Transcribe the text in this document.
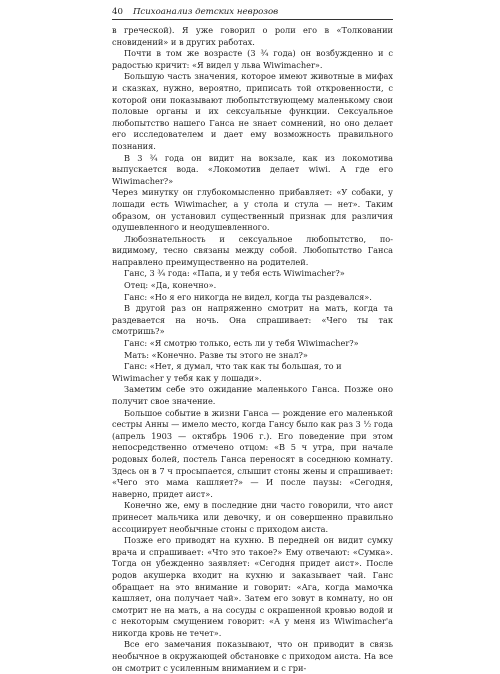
40 Психоанализ детских неврозов

в греческой). Я уже говорил о роли его в «Толковании сновидений» и в других работах.

Почти в том же возрасте (3 ¾ года) он возбужденно и с радостью кричит: «Я видел у льва Wiwimacher».

Большую часть значения, которое имеют животные в мифах и сказках, нужно, вероятно, приписать той откровенности, с которой они показывают любопытствующему маленькому свои половые органы и их сексуальные функции. Сексуальное любопытство нашего Ганса не знает сомнений, но оно делает его исследователем и дает ему возможность правильного познания.

В 3 ¾ года он видит на вокзале, как из локомотива выпускается вода. «Локомотив делает wiwi. А где его Wiwimacher?»

Через минутку он глубокомысленно прибавляет: «У собаки, у лошади есть Wiwimacher, а у стола и стула — нет». Таким образом, он установил существенный признак для различия одушевленного и неодушевленного.

Любознательность и сексуальное любопытство, по-видимому, тесно связаны между собой. Любопытство Ганса направлено преимущественно на родителей.

Ганс, 3 ¾ года: «Папа, и у тебя есть Wiwimacher?»

Отец: «Да, конечно».

Ганс: «Но я его никогда не видел, когда ты раздевался».

В другой раз он напряженно смотрит на мать, когда та раздевается на ночь. Она спрашивает: «Чего ты так смотришь?»

Ганс: «Я смотрю только, есть ли у тебя Wiwimacher?»

Мать: «Конечно. Разве ты этого не знал?»

Ганс: «Нет, я думал, что так как ты большая, то и Wiwimacher у тебя как у лошади».

Заметим себе это ожидание маленького Ганса. Позже оно получит свое значение.

Большое событие в жизни Ганса — рождение его маленькой сестры Анны — имело место, когда Гансу было как раз 3 ½ года (апрель 1903 — октябрь 1906 г.). Его поведение при этом непосредственно отмечено отцом: «В 5 ч утра, при начале родовых болей, постель Ганса переносят в соседнюю комнату. Здесь он в 7 ч просыпается, слышит стоны жены и спрашивает: «Чего это мама кашляет?» — И после паузы: «Сегодня, наверно, придет аист».

Конечно же, ему в последние дни часто говорили, что аист принесет мальчика или девочку, и он совершенно правильно ассоциирует необычные стоны с приходом аиста.

Позже его приводят на кухню. В передней он видит сумку врача и спрашивает: «Что это такое?» Ему отвечают: «Сумка». Тогда он убежденно заявляет: «Сегодня придет аист». После родов акушерка входит на кухню и заказывает чай. Ганс обращает на это внимание и говорит: «Ага, когда мамочка кашляет, она получает чай». Затем его зовут в комнату, но он смотрит не на мать, а на сосуды с окрашенной кровью водой и с некоторым смущением говорит: «А у меня из Wiwimacher'а никогда кровь не течет».

Все его замечания показывают, что он приводит в связь необычное в окружающей обстановке с приходом аиста. На все он смотрит с усиленным вниманием и с гри-
